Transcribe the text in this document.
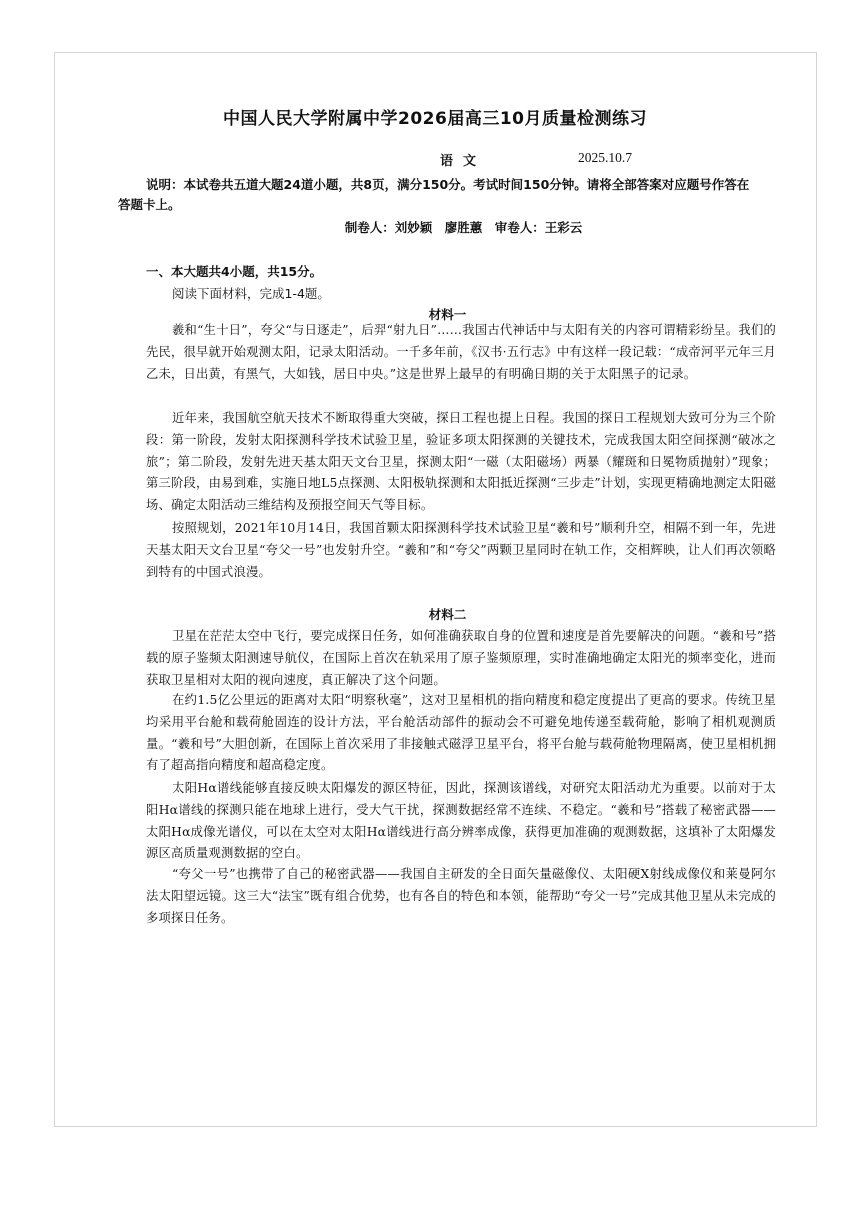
中国人民大学附属中学2026届高三10月质量检测练习
语文	2025.10.7
说明：本试卷共五道大题24道小题，共8页，满分150分。考试时间150分钟。请将全部答案对应题号作答在答题卡上。
制卷人：刘妙颖　廖胜蕙　审卷人：王彩云
一、本大题共4小题，共15分。
阅读下面材料，完成1-4题。
材料一
羲和“生十日”，夸父“与日逐走”，后羿“射九日”……我国古代神话中与太阳有关的内容可谓精彩纷呈。我们的先民，很早就开始观测太阳，记录太阳活动。一千多年前，《汉书·五行志》中有这样一段记载：“成帝河平元年三月乙未，日出黄，有黑气，大如钱，居日中央。”这是世界上最早的有明确日期的关于太阳黑子的记录。
近年来，我国航空航天技术不断取得重大突破，探日工程也提上日程。我国的探日工程规划大致可分为三个阶段：第一阶段，发射太阳探测科学技术试验卫星，验证多项太阳探测的关键技术，完成我国太阳空间探测“破冰之旅”；第二阶段，发射先进天基太阳天文台卫星，探测太阳“一磁（太阳磁场）两暴（耀斑和日冕物质抛射）”现象；第三阶段，由易到难，实施日地L5点探测、太阳极轨探测和太阳抵近探测“三步走”计划，实现更精确地测定太阳磁场、确定太阳活动三维结构及预报空间天气等目标。
按照规划，2021年10月14日，我国首颗太阳探测科学技术试验卫星“羲和号”顺利升空，相隔不到一年，先进天基太阳天文台卫星“夸父一号”也发射升空。“羲和”和“夸父”两颗卫星同时在轨工作，交相辉映，让人们再次领略到特有的中国式浪漫。
材料二
卫星在茫茫太空中飞行，要完成探日任务，如何准确获取自身的位置和速度是首先要解决的问题。“羲和号”搭载的原子鉴频太阳测速导航仪，在国际上首次在轨采用了原子鉴频原理，实时准确地确定太阳光的频率变化，进而获取卫星相对太阳的视向速度，真正解决了这个问题。
在约1.5亿公里远的距离对太阳“明察秋毫”，这对卫星相机的指向精度和稳定度提出了更高的要求。传统卫星均采用平台舱和载荷舱固连的设计方法，平台舱活动部件的振动会不可避免地传递至载荷舱，影响了相机观测质量。“羲和号”大胆创新，在国际上首次采用了非接触式磁浮卫星平台，将平台舱与载荷舱物理隔离，使卫星相机拥有了超高指向精度和超高稳定度。
太阳Hα谱线能够直接反映太阳爆发的源区特征，因此，探测该谱线，对研究太阳活动尤为重要。以前对于太阳Hα谱线的探测只能在地球上进行，受大气干扰，探测数据经常不连续、不稳定。“羲和号”搭载了秘密武器——太阳Hα成像光谱仪，可以在太空对太阳Hα谱线进行高分辨率成像，获得更加准确的观测数据，这填补了太阳爆发源区高质量观测数据的空白。
“夸父一号”也携带了自己的秘密武器——我国自主研发的全日面矢量磁像仪、太阳硬X射线成像仪和莱曼阿尔法太阳望远镜。这三大“法宝”既有组合优势，也有各自的特色和本领，能帮助“夸父一号”完成其他卫星从未完成的多项探日任务。
